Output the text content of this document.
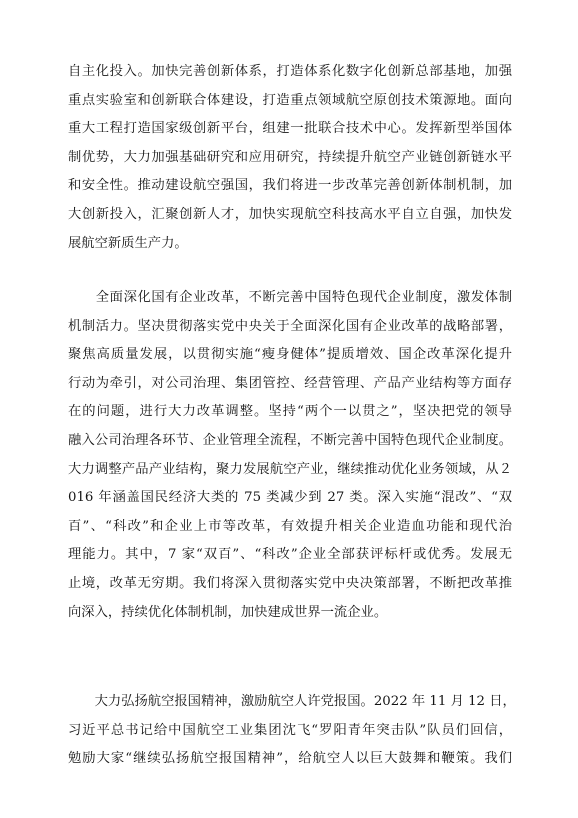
自主化投入。加快完善创新体系，打造体系化数字化创新总部基地，加强
重点实验室和创新联合体建设，打造重点领域航空原创技术策源地。面向
重大工程打造国家级创新平台，组建一批联合技术中心。发挥新型举国体
制优势，大力加强基础研究和应用研究，持续提升航空产业链创新链水平
和安全性。推动建设航空强国，我们将进一步改革完善创新体制机制，加
大创新投入，汇聚创新人才，加快实现航空科技高水平自立自强，加快发
展航空新质生产力。
　　全面深化国有企业改革，不断完善中国特色现代企业制度，激发体制
机制活力。坚决贯彻落实党中央关于全面深化国有企业改革的战略部署，
聚焦高质量发展，以贯彻实施“瘦身健体”提质增效、国企改革深化提升
行动为牵引，对公司治理、集团管控、经营管理、产品产业结构等方面存
在的问题，进行大力改革调整。坚持“两个一以贯之”，坚决把党的领导
融入公司治理各环节、企业管理全流程，不断完善中国特色现代企业制度。
大力调整产品产业结构，聚力发展航空产业，继续推动优化业务领域，从２
016 年涵盖国民经济大类的 75 类减少到 27 类。深入实施“混改”、“双
百”、“科改”和企业上市等改革，有效提升相关企业造血功能和现代治
理能力。其中，7 家“双百”、“科改”企业全部获评标杆或优秀。发展无
止境，改革无穷期。我们将深入贯彻落实党中央决策部署，不断把改革推
向深入，持续优化体制机制，加快建成世界一流企业。
　　大力弘扬航空报国精神，激励航空人许党报国。2022 年 11 月 12 日，
习近平总书记给中国航空工业集团沈飞“罗阳青年突击队”队员们回信，
勉励大家“继续弘扬航空报国精神”，给航空人以巨大鼓舞和鞭策。我们
